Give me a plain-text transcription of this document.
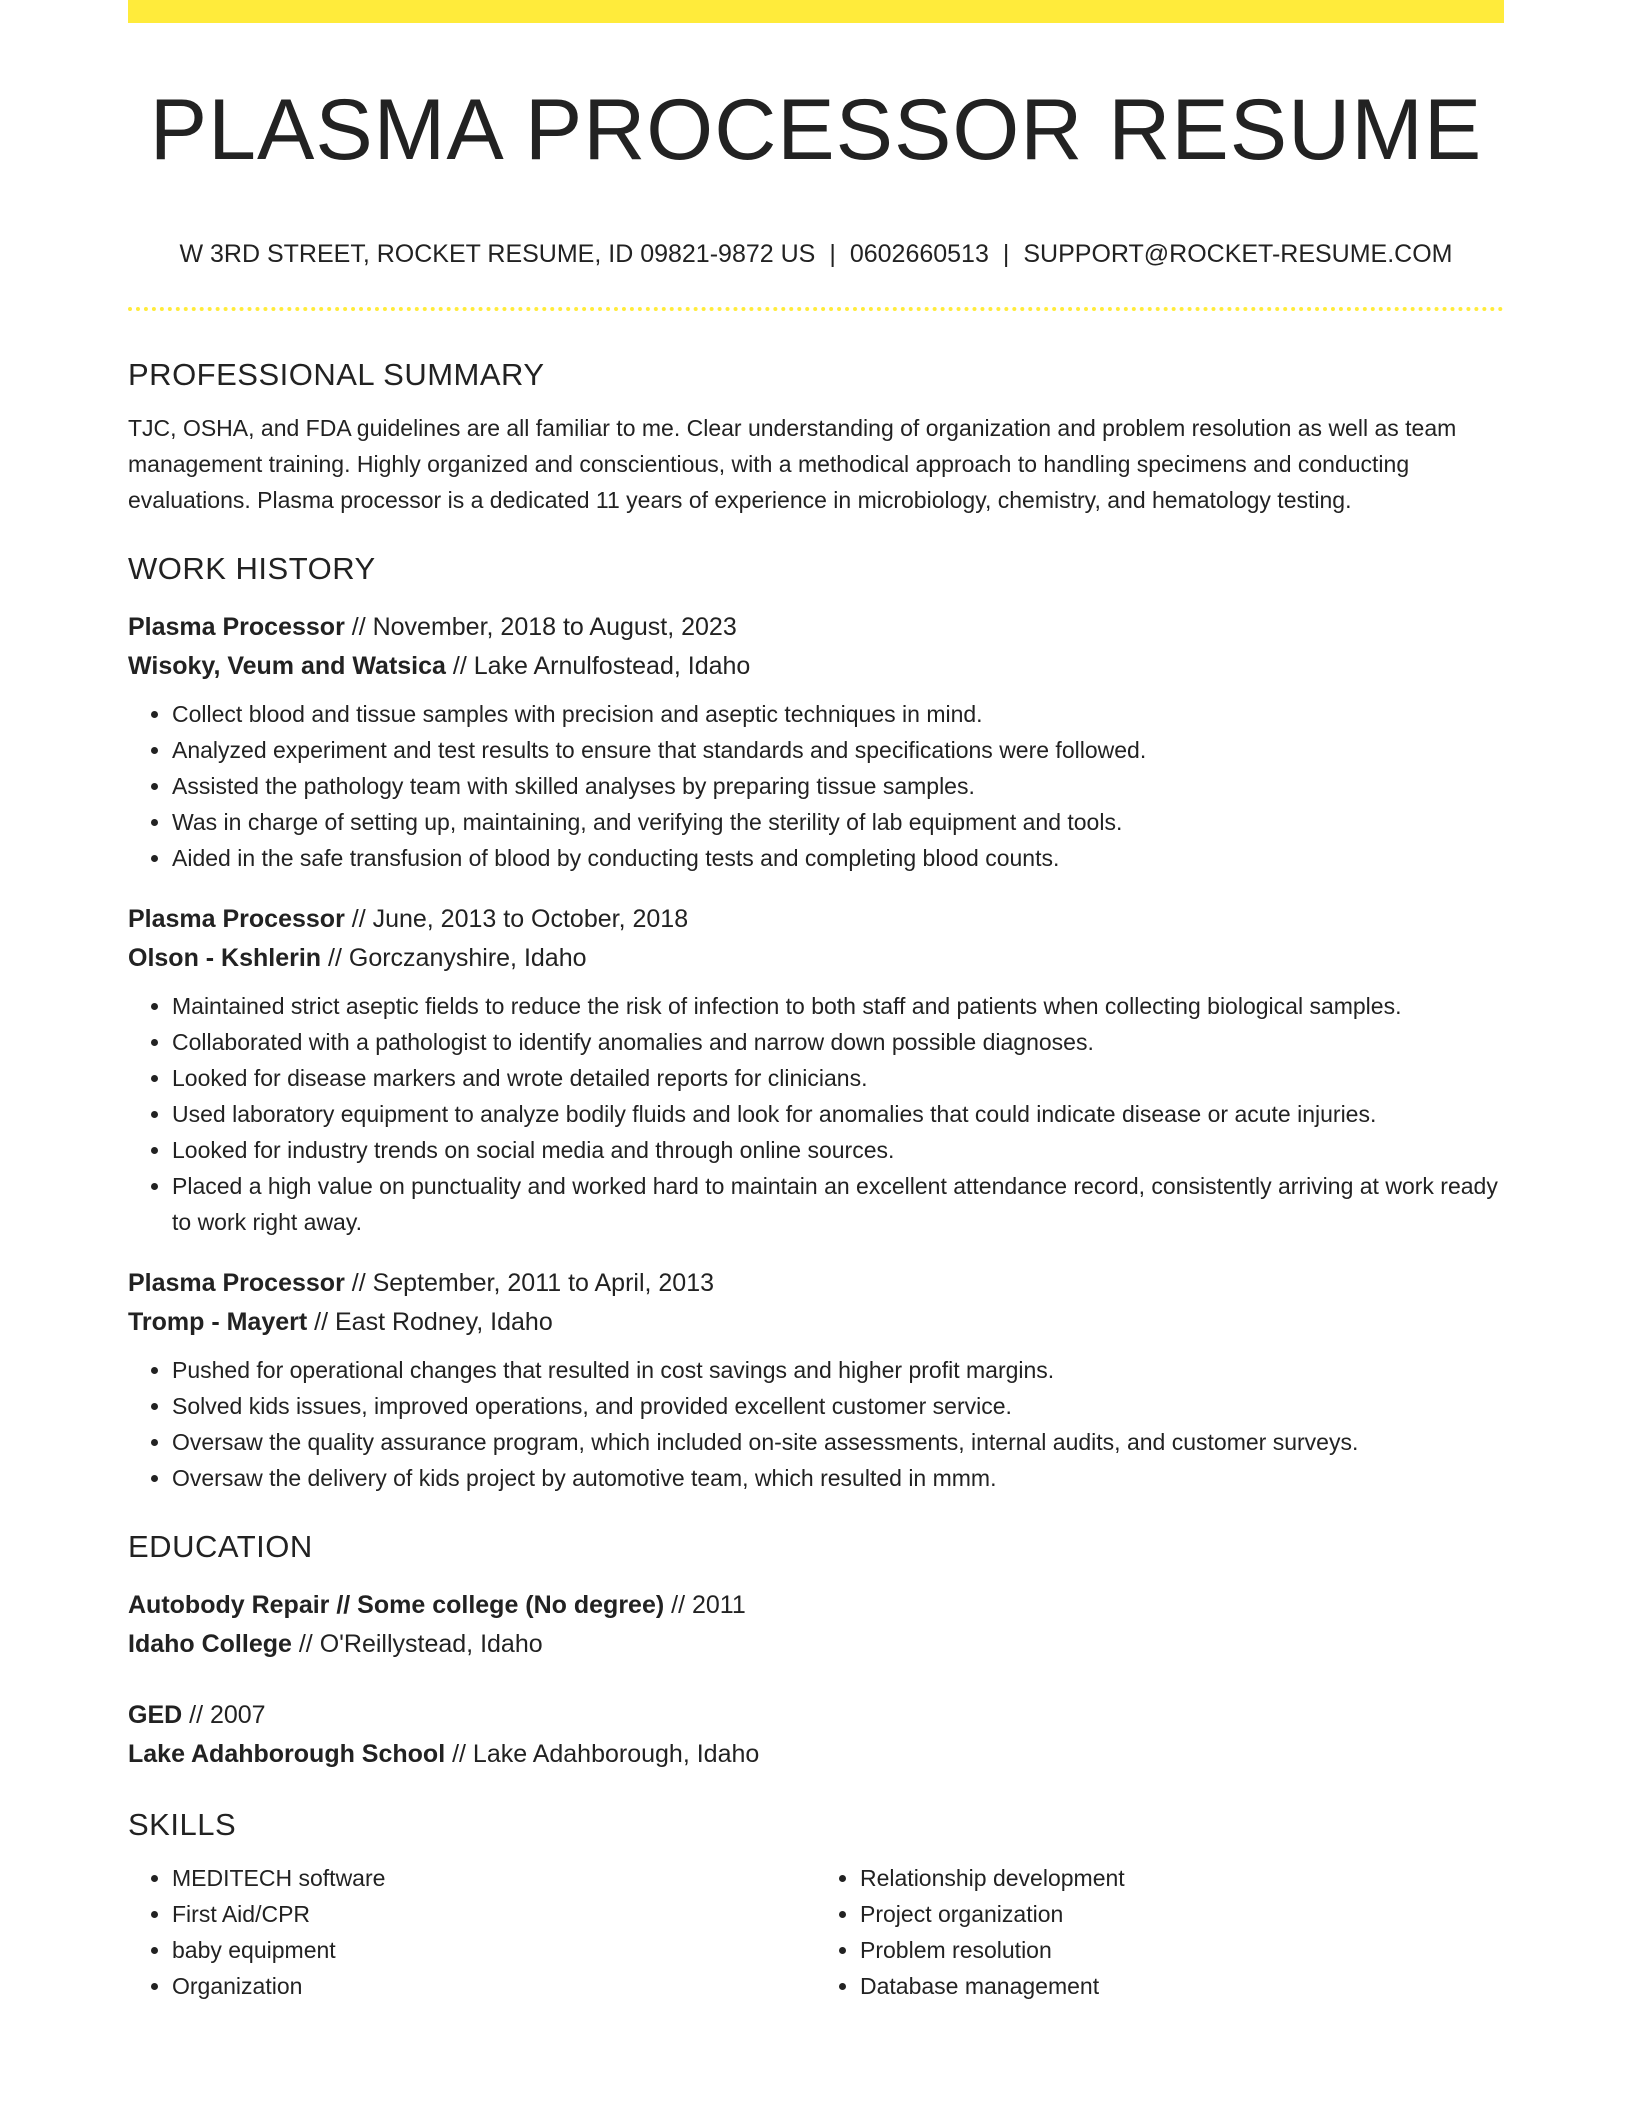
PLASMA PROCESSOR RESUME
W 3RD STREET, ROCKET RESUME, ID 09821-9872 US | 0602660513 | SUPPORT@ROCKET-RESUME.COM
PROFESSIONAL SUMMARY

TJC, OSHA, and FDA guidelines are all familiar to me. Clear understanding of organization and problem resolution as well as team management training. Highly organized and conscientious, with a methodical approach to handling specimens and conducting evaluations. Plasma processor is a dedicated 11 years of experience in microbiology, chemistry, and hematology testing.

WORK HISTORY
Plasma Processor // November, 2018 to August, 2023
Wisoky, Veum and Watsica // Lake Arnulfostead, Idaho
• Collect blood and tissue samples with precision and aseptic techniques in mind.
• Analyzed experiment and test results to ensure that standards and specifications were followed.
• Assisted the pathology team with skilled analyses by preparing tissue samples.
• Was in charge of setting up, maintaining, and verifying the sterility of lab equipment and tools.
• Aided in the safe transfusion of blood by conducting tests and completing blood counts.
Plasma Processor // June, 2013 to October, 2018
Olson - Kshlerin // Gorczanyshire, Idaho
• Maintained strict aseptic fields to reduce the risk of infection to both staff and patients when collecting biological samples.
• Collaborated with a pathologist to identify anomalies and narrow down possible diagnoses.
• Looked for disease markers and wrote detailed reports for clinicians.
• Used laboratory equipment to analyze bodily fluids and look for anomalies that could indicate disease or acute injuries.
• Looked for industry trends on social media and through online sources.
• Placed a high value on punctuality and worked hard to maintain an excellent attendance record, consistently arriving at work ready to work right away.
Plasma Processor // September, 2011 to April, 2013
Tromp - Mayert // East Rodney, Idaho
• Pushed for operational changes that resulted in cost savings and higher profit margins.
• Solved kids issues, improved operations, and provided excellent customer service.
• Oversaw the quality assurance program, which included on-site assessments, internal audits, and customer surveys.
• Oversaw the delivery of kids project by automotive team, which resulted in mmm.
EDUCATION
Autobody Repair // Some college (No degree) // 2011
Idaho College // O'Reillystead, Idaho
GED // 2007
Lake Adahborough School // Lake Adahborough, Idaho
SKILLS
• MEDITECH software
• First Aid/CPR
• baby equipment
• Organization
• Relationship development
• Project organization
• Problem resolution
• Database management
